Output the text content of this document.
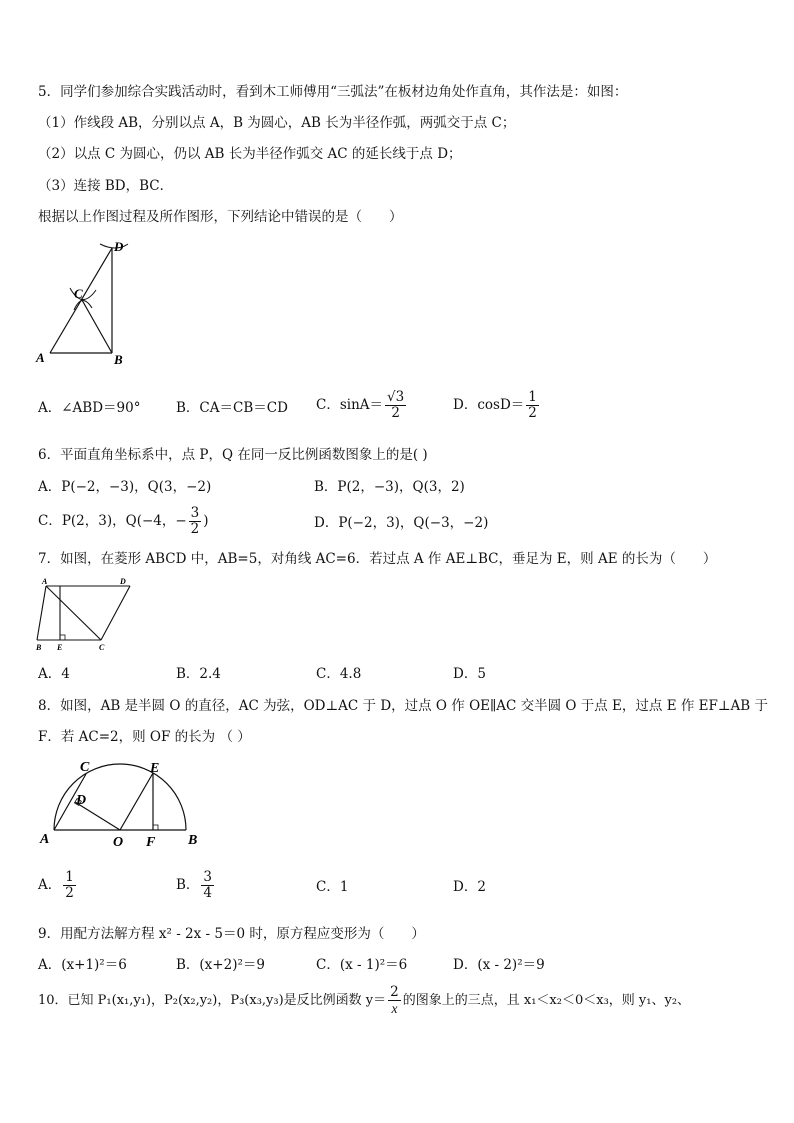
5．同学们参加综合实践活动时，看到木工师傅用“三弧法”在板材边角处作直角，其作法是：如图：
（1）作线段 AB，分别以点 A，B 为圆心，AB 长为半径作弧，两弧交于点 C；
（2）以点 C 为圆心，仍以 AB 长为半径作弧交 AC 的延长线于点 D；
（3）连接 BD，BC．
根据以上作图过程及所作图形，下列结论中错误的是（　　）
A	B
C
D
A．∠ABD＝90°	B．CA＝CB＝CD C．$\sin A= \frac{√3}{2}$	D．$\cos D= \frac{1}{2}$
6．平面直角坐标系中，点 P，Q 在同一反比例函数图象上的是( )
A．P(−2，−3)，Q(3，−2)	B．P(2，−3)，Q(3，2)
C．P(2，3)，Q(−4，− $\frac{3}{2}$ )	D．P(−2，3)，Q(−3，−2)
7．如图，在菱形 ABCD 中，AB=5，对角线 AC=6．若过点 A 作 AE⊥BC，垂足为 E，则 AE 的长为（　　）
A	D
B E	C
A．4	B．2.4	C．4.8	D．5
8．如图，AB 是半圆 O 的直径，AC 为弦，OD⊥AC 于 D，过点 O 作 OE∥AC 交半圆 O 于点 E，过点 E 作 EF⊥AB 于
F．若 AC=2，则 OF 的长为 （ ）
A
C
D
E
O F B
A． $\frac{1}{2}$	B． $\frac{3}{4}$	C．1	D．2
9．用配方法解方程 x² - 2x - 5＝0 时，原方程应变形为（　　）
A．(x+1)²＝6	B．(x+2)²＝9	C．(x - 1)²＝6	D．(x - 2)²＝9
10．已知 P₁(x₁,y₁)，P₂(x₂,y₂)，P₃(x₃,y₃)是反比例函数 $y= \frac{2}{x}$ 的图象上的三点，且 x₁＜x₂＜0＜x₃，则 y₁、y₂、
